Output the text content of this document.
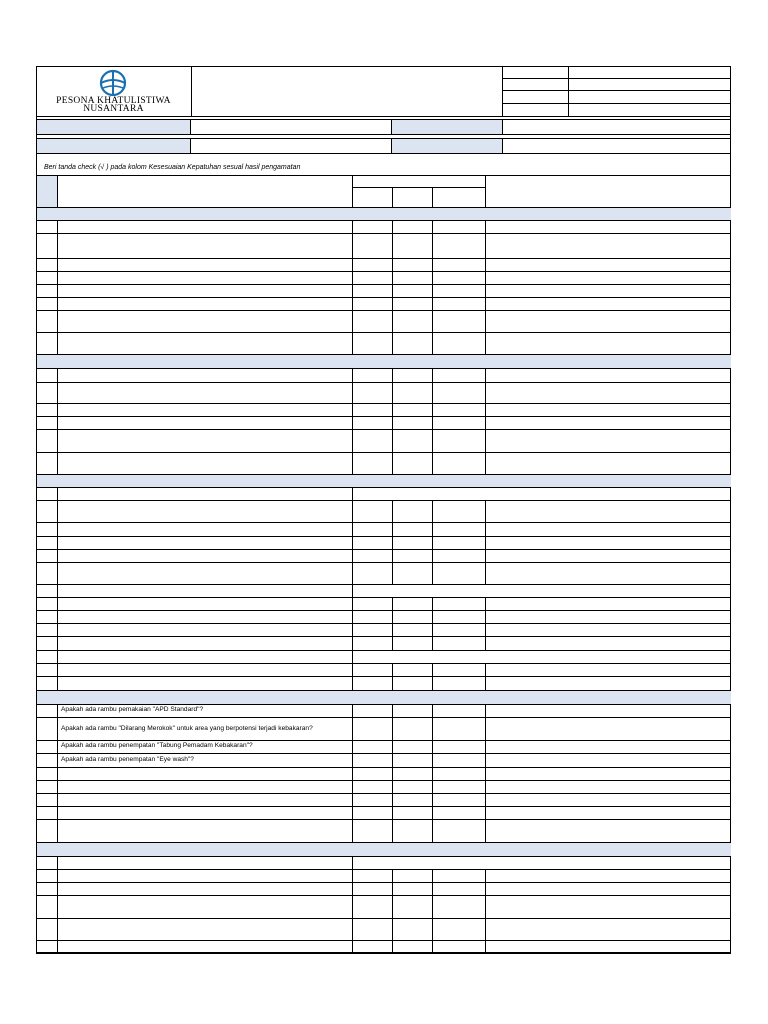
PESONA KHATULISTIWA
NUSANTARA
Beri tanda check (√ ) pada kolom Kesesuaian Kepatuhan sesual hasil pengamatan
Apakah ada rambu pemakaian "APD Standard"?
Apakah ada rambu "Dilarang Merokok" untuk area yang berpotensi terjadi kebakaran?
Apakah ada rambu penempatan "Tabung Pemadam Kebakaran"?
Apakah ada rambu penempatan "Eye wash"?
